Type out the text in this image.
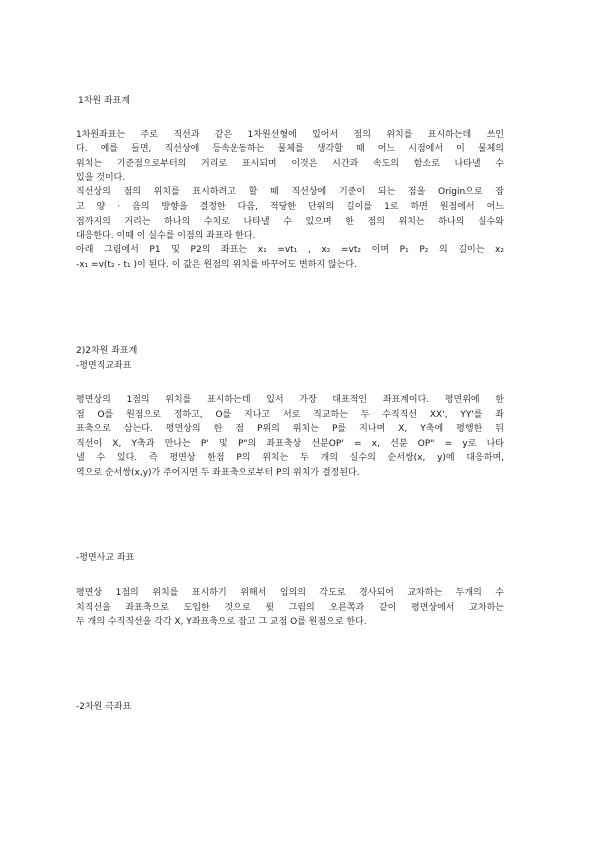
1차원 좌표계
1차원좌표는 주로 직선과 같은 1차원선형에 있어서 점의 위치를 표시하는데 쓰인
다. 예를 들면, 직선상에 등속운동하는 물체를 생각할 때 어느 시점에서 이 물체의
위치는 기준점으로부터의 거리로 표시되며 이것은 시간과 속도의 함소로 나타낼 수
있을 것이다.
직선상의 점의 위치를 표시하려고 할 때 직선상에 기준이 되는 점을 Origin으로 잡
고 양 · 음의 방향을 결정한 다음, 적당한 단위의 길이를 1로 하면 원점에서 어느
점까지의 거리는 하나의 수치로 나타낼 수 있으며 한 점의 위치는 하나의 실수와
대응한다. 이때 이 실수를 이점의 좌표라 한다.
아래 그림에서 P1 및 P2의 좌표는 x₁ =vt₁ , x₂ =vt₂ 이며 P₁ P₂ 의 길이는 x₂
-x₁ =v(t₂ - t₁ )이 된다. 이 값은 원점의 위치를 바꾸어도 변하지 않는다.
2)2차원 좌표계
-평면직교좌표
평면상의 1점의 위치를 표시하는데 있서 가장 대표적인 좌표계이다. 평면위에 한
점 O를 원점으로 정하고, O를 지나고 서로 직교하는 두 수직직선 XX', YY'를 좌
표축으로 삼는다. 평면상의 한 점 P위의 위치는 P를 지나며 X, Y축에 평행한 뒤
직선이 X, Y축과 만나는 P' 및 P"의 좌표축상 선분OP' = x, 선분 OP" = y로 나타
낼 수 있다. 즉 평면상 한점 P의 위치는 두 개의 실수의 순서쌍(x, y)에 대응하며,
역으로 순서쌍(x,y)가 주어지면 두 좌표축으로부터 P의 위치가 결정된다.
-평면사교 좌표
평면상 1점의 위치를 표시하기 위해서 임의의 각도로 경사되어 교차하는 두개의 수
치직선을 좌표축으로 도입한 것으로 윗 그림의 오른쪽과 같이 평면상에서 교차하는
두 개의 수직직선을 각각 X, Y좌표축으로 잡고 그 교점 O를 원점으로 한다.
-2차원 극좌표
